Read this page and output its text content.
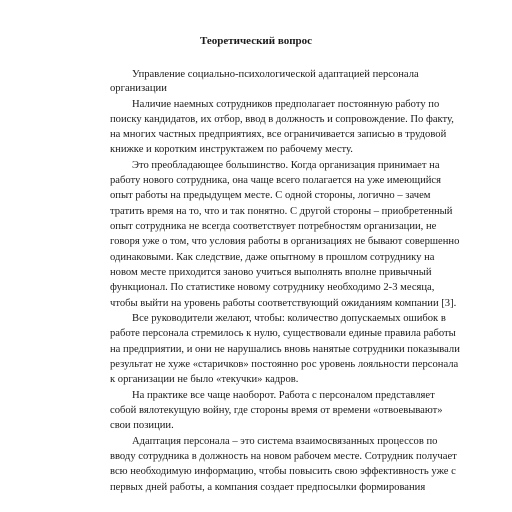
Теоретический вопрос
Управление социально-психологической адаптацией персонала
организации
Наличие наемных сотрудников предполагает постоянную работу по
поиску кандидатов, их отбор, ввод в должность и сопровождение. По факту,
на многих частных предприятиях, все ограничивается записью в трудовой
книжке и коротким инструктажем по рабочему месту.
Это преобладающее большинство. Когда организация принимает на
работу нового сотрудника, она чаще всего полагается на уже имеющийся
опыт работы на предыдущем месте. С одной стороны, логично – зачем
тратить время на то, что и так понятно. С другой стороны – приобретенный
опыт сотрудника не всегда соответствует потребностям организации, не
говоря уже о том, что условия работы в организациях не бывают совершенно
одинаковыми. Как следствие, даже опытному в прошлом сотруднику на
новом месте приходится заново учиться выполнять вполне привычный
функционал. По статистике новому сотруднику необходимо 2-3 месяца,
чтобы выйти на уровень работы соответствующий ожиданиям компании [3].
Все руководители желают, чтобы: количество допускаемых ошибок в
работе персонала стремилось к нулю, существовали единые правила работы
на предприятии, и они не нарушались вновь нанятые сотрудники показывали
результат не хуже «старичков» постоянно рос уровень лояльности персонала
к организации не было «текучки» кадров.
На практике все чаще наоборот. Работа с персоналом представляет
собой вялотекущую войну, где стороны время от времени «отвоевывают»
свои позиции.
Адаптация персонала – это система взаимосвязанных процессов по
вводу сотрудника в должность на новом рабочем месте. Сотрудник получает
всю необходимую информацию, чтобы повысить свою эффективность уже с
первых дней работы, а компания создает предпосылки формирования
